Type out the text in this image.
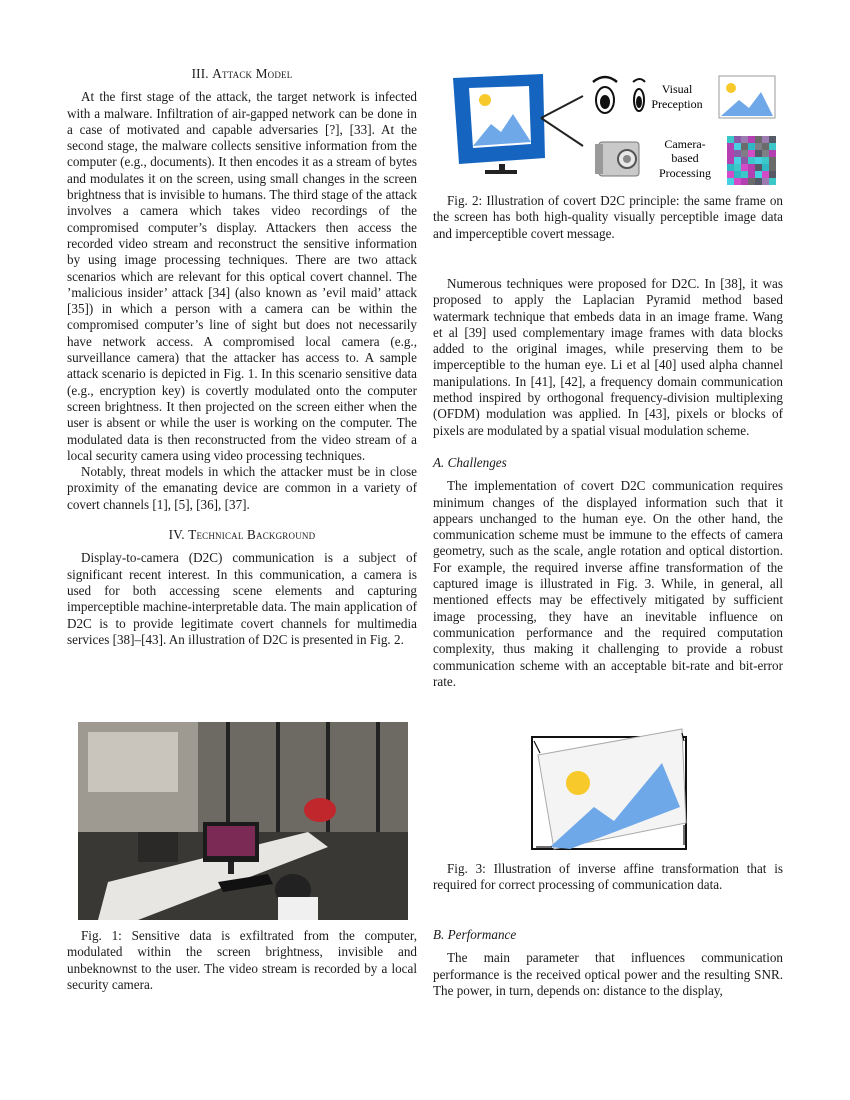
III. Attack Model

At the first stage of the attack, the target network is infected with a malware. Infiltration of air-gapped network can be done in a case of motivated and capable adversaries [?], [33]. At the second stage, the malware collects sensitive information from the computer (e.g., documents). It then encodes it as a stream of bytes and modulates it on the screen, using small changes in the screen brightness that is invisible to humans. The third stage of the attack involves a camera which takes video recordings of the compromised computer’s display. Attackers then access the recorded video stream and reconstruct the sensitive information by using image processing techniques. There are two attack scenarios which are relevant for this optical covert channel. The ’malicious insider’ attack [34] (also known as ’evil maid’ attack [35]) in which a person with a camera can be within the compromised computer’s line of sight but does not necessarily have network access. A compromised local camera (e.g., surveillance camera) that the attacker has access to. A sample attack scenario is depicted in Fig. 1. In this scenario sensitive data (e.g., encryption key) is covertly modulated onto the computer screen brightness. It then projected on the screen either when the user is absent or while the user is working on the computer. The modulated data is then reconstructed from the video stream of a local security camera using video processing techniques.

Notably, threat models in which the attacker must be in close proximity of the emanating device are common in a variety of covert channels [1], [5], [36], [37].

IV. Technical Background

Display-to-camera (D2C) communication is a subject of significant recent interest. In this communication, a camera is used for both accessing scene elements and capturing imperceptible machine-interpretable data. The main application of D2C is to provide legitimate covert channels for multimedia services [38]–[43]. An illustration of D2C is presented in Fig. 2.

Fig. 1: Sensitive data is exfiltrated from the computer, modulated within the screen brightness, invisible and unbeknownst to the user. The video stream is recorded by a local security camera.

Visual
Preception
Camera-
based
Processing

Fig. 2: Illustration of covert D2C principle: the same frame on the screen has both high-quality visually perceptible image data and imperceptible covert message.

Numerous techniques were proposed for D2C. In [38], it was proposed to apply the Laplacian Pyramid method based watermark technique that embeds data in an image frame. Wang et al [39] used complementary image frames with data blocks added to the original images, while preserving them to be imperceptible to the human eye. Li et al [40] used alpha channel manipulations. In [41], [42], a frequency domain communication method inspired by orthogonal frequency-division multiplexing (OFDM) modulation was applied. In [43], pixels or blocks of pixels are modulated by a spatial visual modulation scheme.

A. Challenges

The implementation of covert D2C communication requires minimum changes of the displayed information such that it appears unchanged to the human eye. On the other hand, the communication scheme must be immune to the effects of camera geometry, such as the scale, angle rotation and optical distortion. For example, the required inverse affine transformation of the captured image is illustrated in Fig. 3. While, in general, all mentioned effects may be effectively mitigated by sufficient image processing, they have an inevitable influence on communication performance and the required computation complexity, thus making it challenging to provide a robust communication scheme with an acceptable bit-rate and bit-error rate.

Fig. 3: Illustration of inverse affine transformation that is required for correct processing of communication data.

B. Performance

The main parameter that influences communication performance is the received optical power and the resulting SNR. The power, in turn, depends on: distance to the display,
